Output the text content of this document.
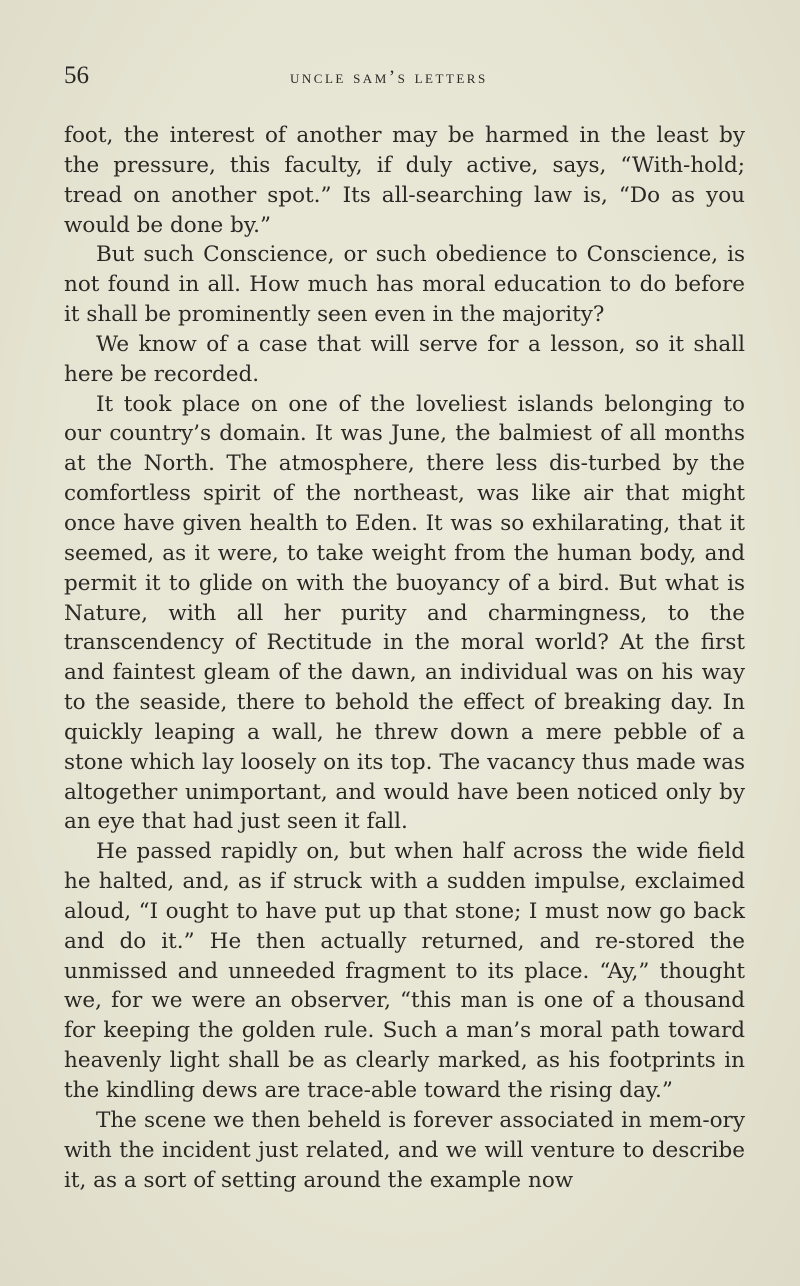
56	uncle sam’s letters

foot, the interest of another may be harmed in the least by the pressure, this faculty, if duly active, says, “With-hold; tread on another spot.” Its all-searching law is, “Do as you would be done by.”

But such Conscience, or such obedience to Conscience, is not found in all. How much has moral education to do before it shall be prominently seen even in the majority?

We know of a case that will serve for a lesson, so it shall here be recorded.

It took place on one of the loveliest islands belonging to our country’s domain. It was June, the balmiest of all months at the North. The atmosphere, there less dis-turbed by the comfortless spirit of the northeast, was like air that might once have given health to Eden. It was so exhilarating, that it seemed, as it were, to take weight from the human body, and permit it to glide on with the buoyancy of a bird. But what is Nature, with all her purity and charmingness, to the transcendency of Rectitude in the moral world? At the first and faintest gleam of the dawn, an individual was on his way to the seaside, there to behold the effect of breaking day. In quickly leaping a wall, he threw down a mere pebble of a stone which lay loosely on its top. The vacancy thus made was altogether unimportant, and would have been noticed only by an eye that had just seen it fall.

He passed rapidly on, but when half across the wide field he halted, and, as if struck with a sudden impulse, exclaimed aloud, “I ought to have put up that stone; I must now go back and do it.” He then actually returned, and re-stored the unmissed and unneeded fragment to its place. “Ay,” thought we, for we were an observer, “this man is one of a thousand for keeping the golden rule. Such a man’s moral path toward heavenly light shall be as clearly marked, as his footprints in the kindling dews are trace-able toward the rising day.”

The scene we then beheld is forever associated in mem-ory with the incident just related, and we will venture to describe it, as a sort of setting around the example now
